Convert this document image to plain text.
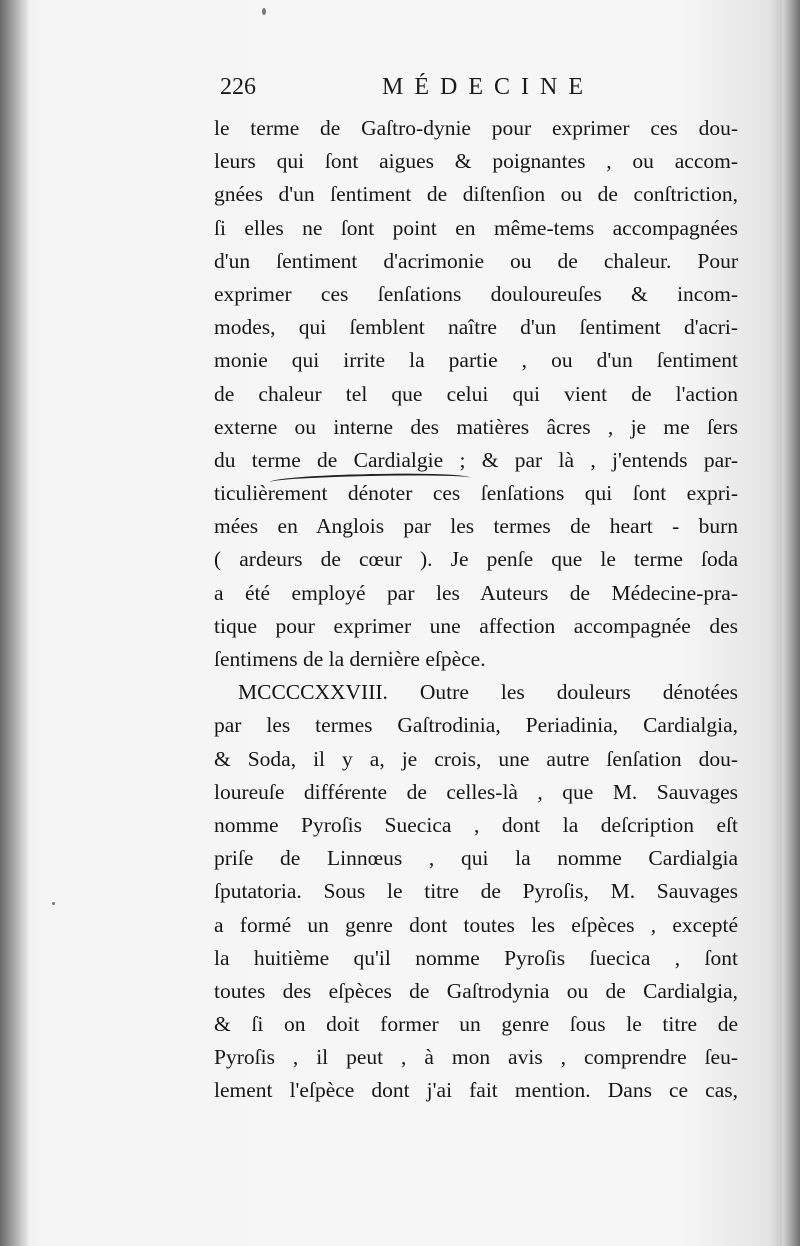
226	MÉDECINE
le terme de Gaſtro-dynie pour exprimer ces dou-
leurs qui ſont aigues & poignantes , ou accom-
gnées d'un ſentiment de diſtenſion ou de conſtriction,
ſi elles ne ſont point en même-tems accompagnées
d'un ſentiment d'acrimonie ou de chaleur. Pour
exprimer ces ſenſations douloureuſes & incom-
modes, qui ſemblent naître d'un ſentiment d'acri-
monie qui irrite la partie , ou d'un ſentiment
de chaleur tel que celui qui vient de l'action
externe ou interne des matières âcres , je me ſers
du terme de Cardialgie ; & par là , j'entends par-
ticulièrement dénoter ces ſenſations qui ſont expri-
mées en Anglois par les termes de heart - burn
( ardeurs de cœur ). Je penſe que le terme ſoda
a été employé par les Auteurs de Médecine-pra-
tique pour exprimer une affection accompagnée des
ſentimens de la dernière eſpèce.
MCCCCXXVIII. Outre les douleurs dénotées
par les termes Gaſtrodinia, Periadinia, Cardialgia,
& Soda, il y a, je crois, une autre ſenſation dou-
loureuſe différente de celles-là , que M. Sauvages
nomme Pyroſis Suecica , dont la deſcription eſt
priſe de Linnœus , qui la nomme Cardialgia
ſputatoria. Sous le titre de Pyroſis, M. Sauvages
a formé un genre dont toutes les eſpèces , excepté
la huitième qu'il nomme Pyroſis ſuecica , ſont
toutes des eſpèces de Gaſtrodynia ou de Cardialgia,
& ſi on doit former un genre ſous le titre de
Pyroſis , il peut , à mon avis , comprendre ſeu-
lement l'eſpèce dont j'ai fait mention. Dans ce cas,
